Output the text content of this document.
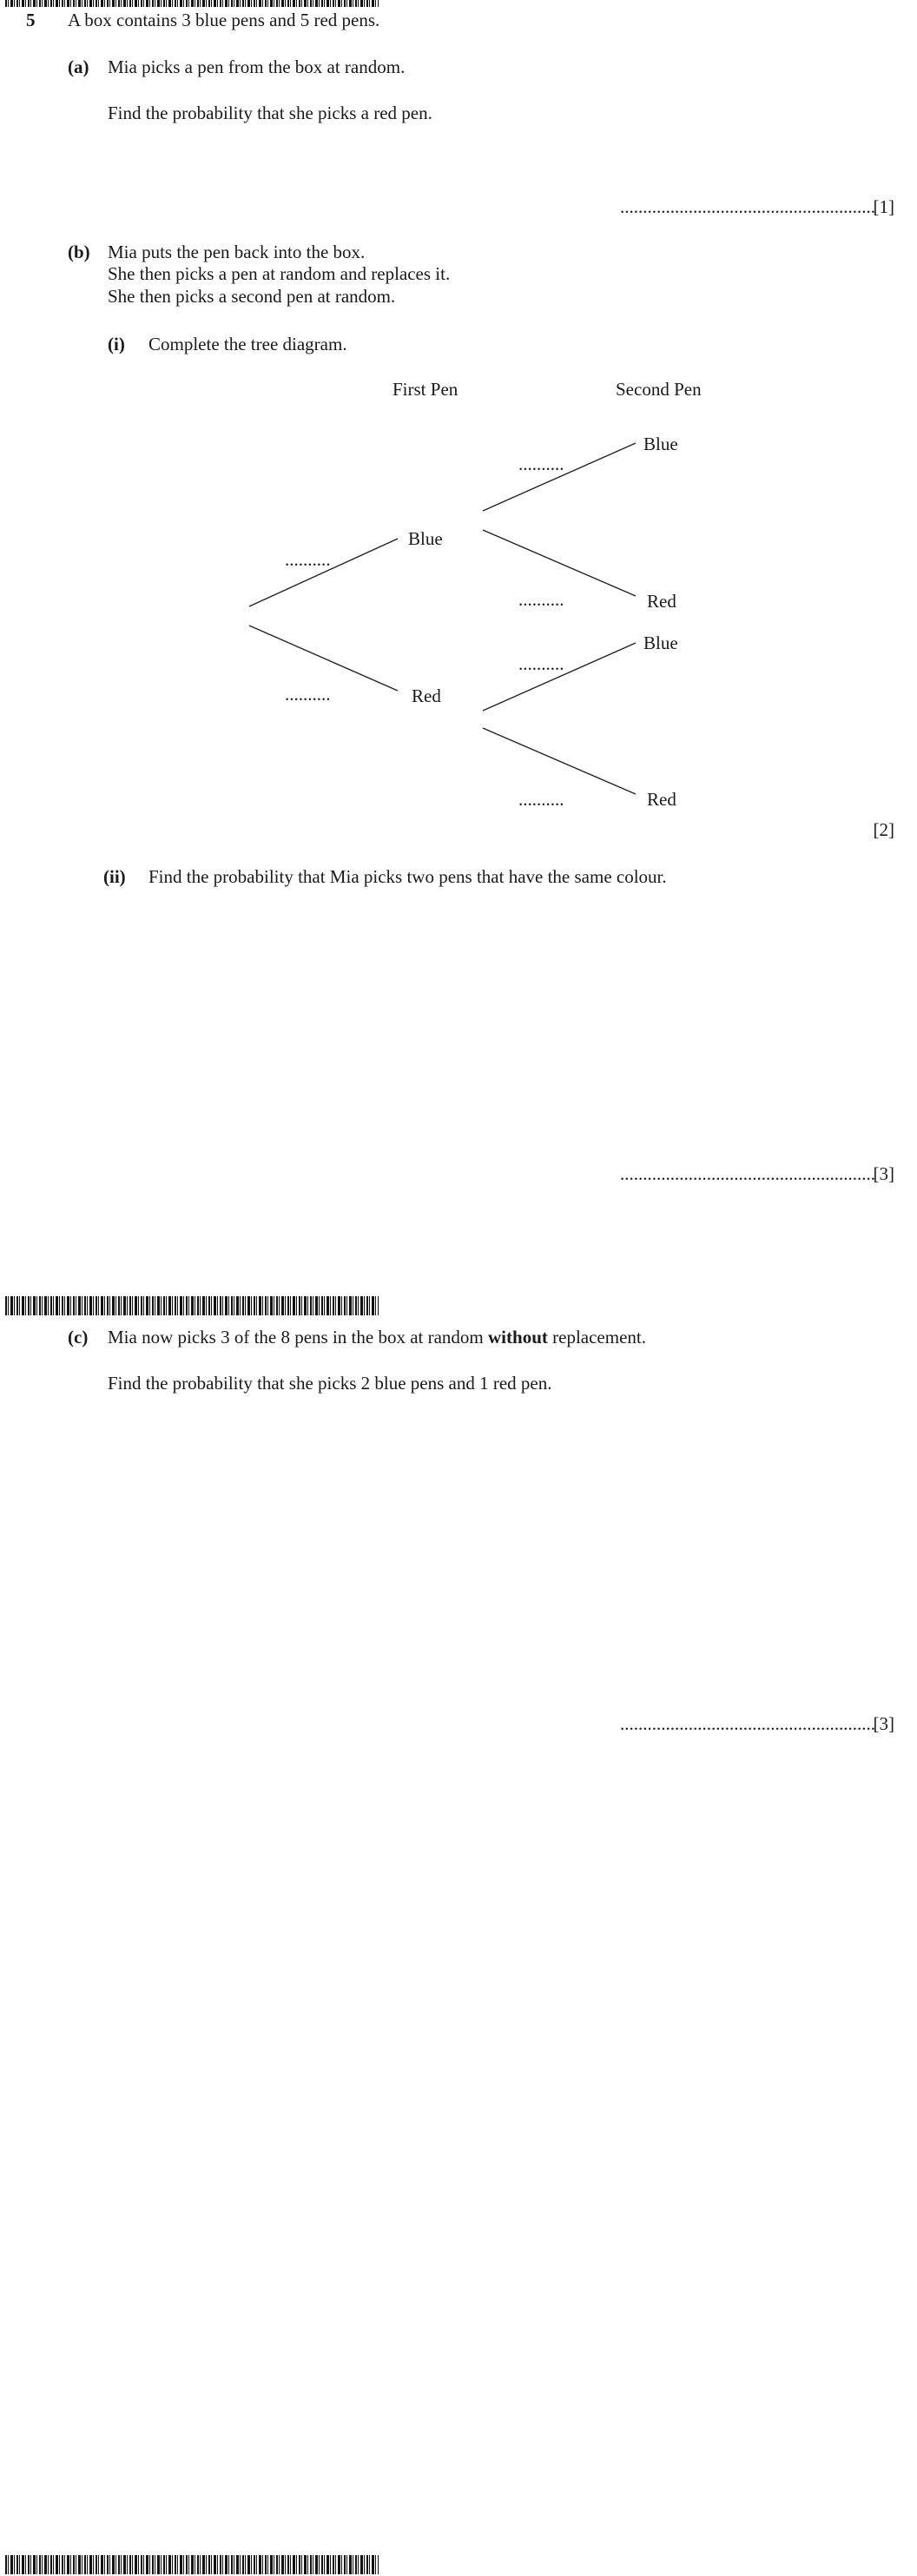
5 A box contains 3 blue pens and 5 red pens.
(a) Mia picks a pen from the box at random.
Find the probability that she picks a red pen.
........................................................
[1]
(b) Mia puts the pen back into the box.
She then picks a pen at random and replaces it.
She then picks a second pen at random.
(i) Complete the tree diagram.
First Pen	Second Pen
Blue
Red
Blue
Red
Blue
Red
..........
..........
..........
..........
..........
..........
[2]
(ii) Find the probability that Mia picks two pens that have the same colour.
........................................................
[3]
(c) Mia now picks 3 of the 8 pens in the box at random without replacement.
Find the probability that she picks 2 blue pens and 1 red pen.
........................................................
[3]
